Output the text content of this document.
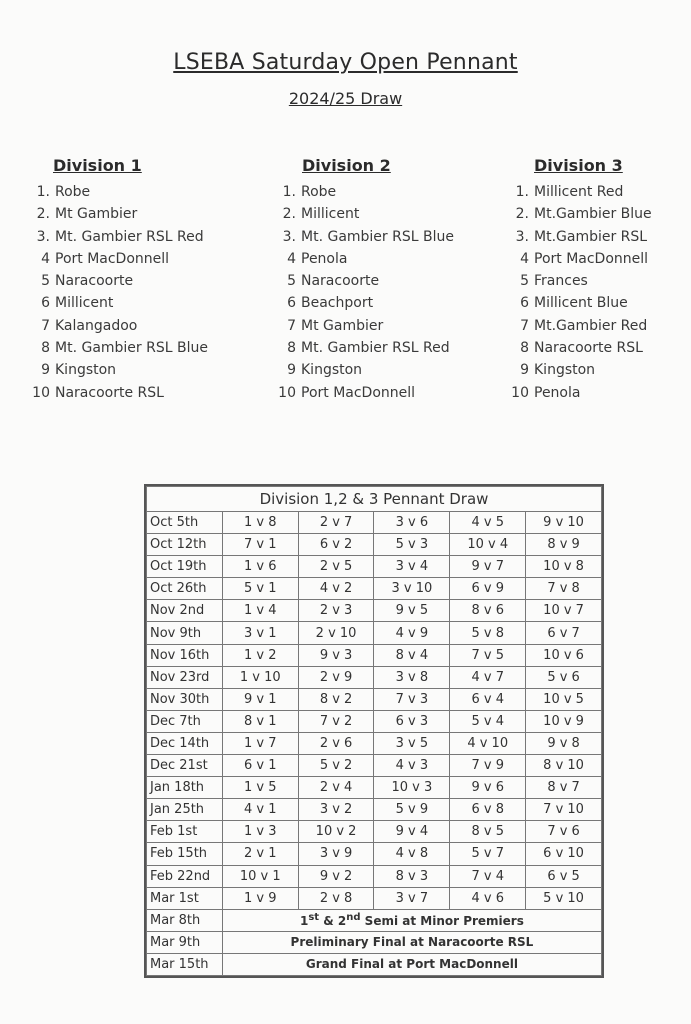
LSEBA Saturday Open Pennant
2024/25 Draw
Division 1
1. Robe
2. Mt Gambier
3. Mt. Gambier RSL Red
4 Port MacDonnell
5 Naracoorte
6 Millicent
7 Kalangadoo
8 Mt. Gambier RSL Blue
9 Kingston
10 Naracoorte RSL
Division 2
1. Robe
2. Millicent
3. Mt. Gambier RSL Blue
4 Penola
5 Naracoorte
6 Beachport
7 Mt Gambier
8 Mt. Gambier RSL Red
9 Kingston
10 Port MacDonnell
Division 3
1. Millicent Red
2. Mt.Gambier Blue
3. Mt.Gambier RSL
4 Port MacDonnell
5 Frances
6 Millicent Blue
7 Mt.Gambier Red
8 Naracoorte RSL
9 Kingston
10 Penola
Division 1,2 & 3 Pennant Draw					
Oct 5th	1 v 8	2 v 7	3 v 6	4 v 5	9 v 10
Oct 12th	7 v 1	6 v 2	5 v 3	10 v 4	8 v 9
Oct 19th	1 v 6	2 v 5	3 v 4	9 v 7	10 v 8
Oct 26th	5 v 1	4 v 2	3 v 10	6 v 9	7 v 8
Nov 2nd	1 v 4	2 v 3	9 v 5	8 v 6	10 v 7
Nov 9th	3 v 1	2 v 10	4 v 9	5 v 8	6 v 7
Nov 16th	1 v 2	9 v 3	8 v 4	7 v 5	10 v 6
Nov 23rd	1 v 10	2 v 9	3 v 8	4 v 7	5 v 6
Nov 30th	9 v 1	8 v 2	7 v 3	6 v 4	10 v 5
Dec 7th	8 v 1	7 v 2	6 v 3	5 v 4	10 v 9
Dec 14th	1 v 7	2 v 6	3 v 5	4 v 10	9 v 8
Dec 21st	6 v 1	5 v 2	4 v 3	7 v 9	8 v 10
Jan 18th	1 v 5	2 v 4	10 v 3	9 v 6	8 v 7
Jan 25th	4 v 1	3 v 2	5 v 9	6 v 8	7 v 10
Feb 1st	1 v 3	10 v 2	9 v 4	8 v 5	7 v 6
Feb 15th	2 v 1	3 v 9	4 v 8	5 v 7	6 v 10
Feb 22nd	10 v 1	9 v 2	8 v 3	7 v 4	6 v 5
Mar 1st	1 v 9	2 v 8	3 v 7	4 v 6	5 v 10
Mar 8th	1st & 2nd Semi at Minor Premiers				
Mar 9th	Preliminary Final at Naracoorte RSL				
Mar 15th	Grand Final at Port MacDonnell				
